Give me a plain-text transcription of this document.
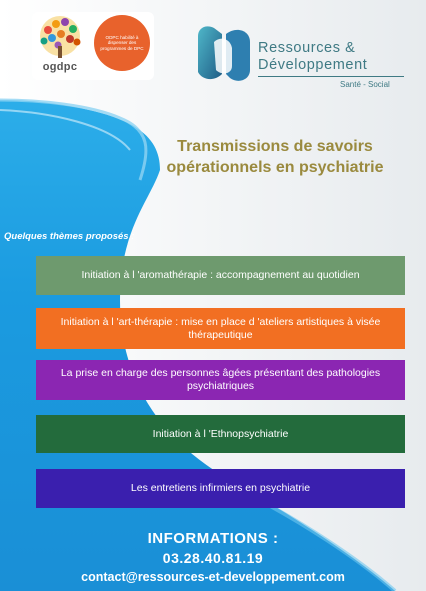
ogdpc
ODPC habilité à dispenser des programmes de DPC	Ressources &
Développement
Santé - Social
Transmissions de savoirs
opérationnels en psychiatrie
Quelques thèmes proposés :
Initiation à l 'aromathérapie : accompagnement au quotidien
Initiation à l 'art-thérapie : mise en place d 'ateliers artistiques à visée thérapeutique
La prise en charge des personnes âgées présentant des pathologies psychiatriques
Initiation à l 'Ethnopsychiatrie
Les entretiens infirmiers en psychiatrie
INFORMATIONS :
03.28.40.81.19
contact@ressources-et-developpement.com
